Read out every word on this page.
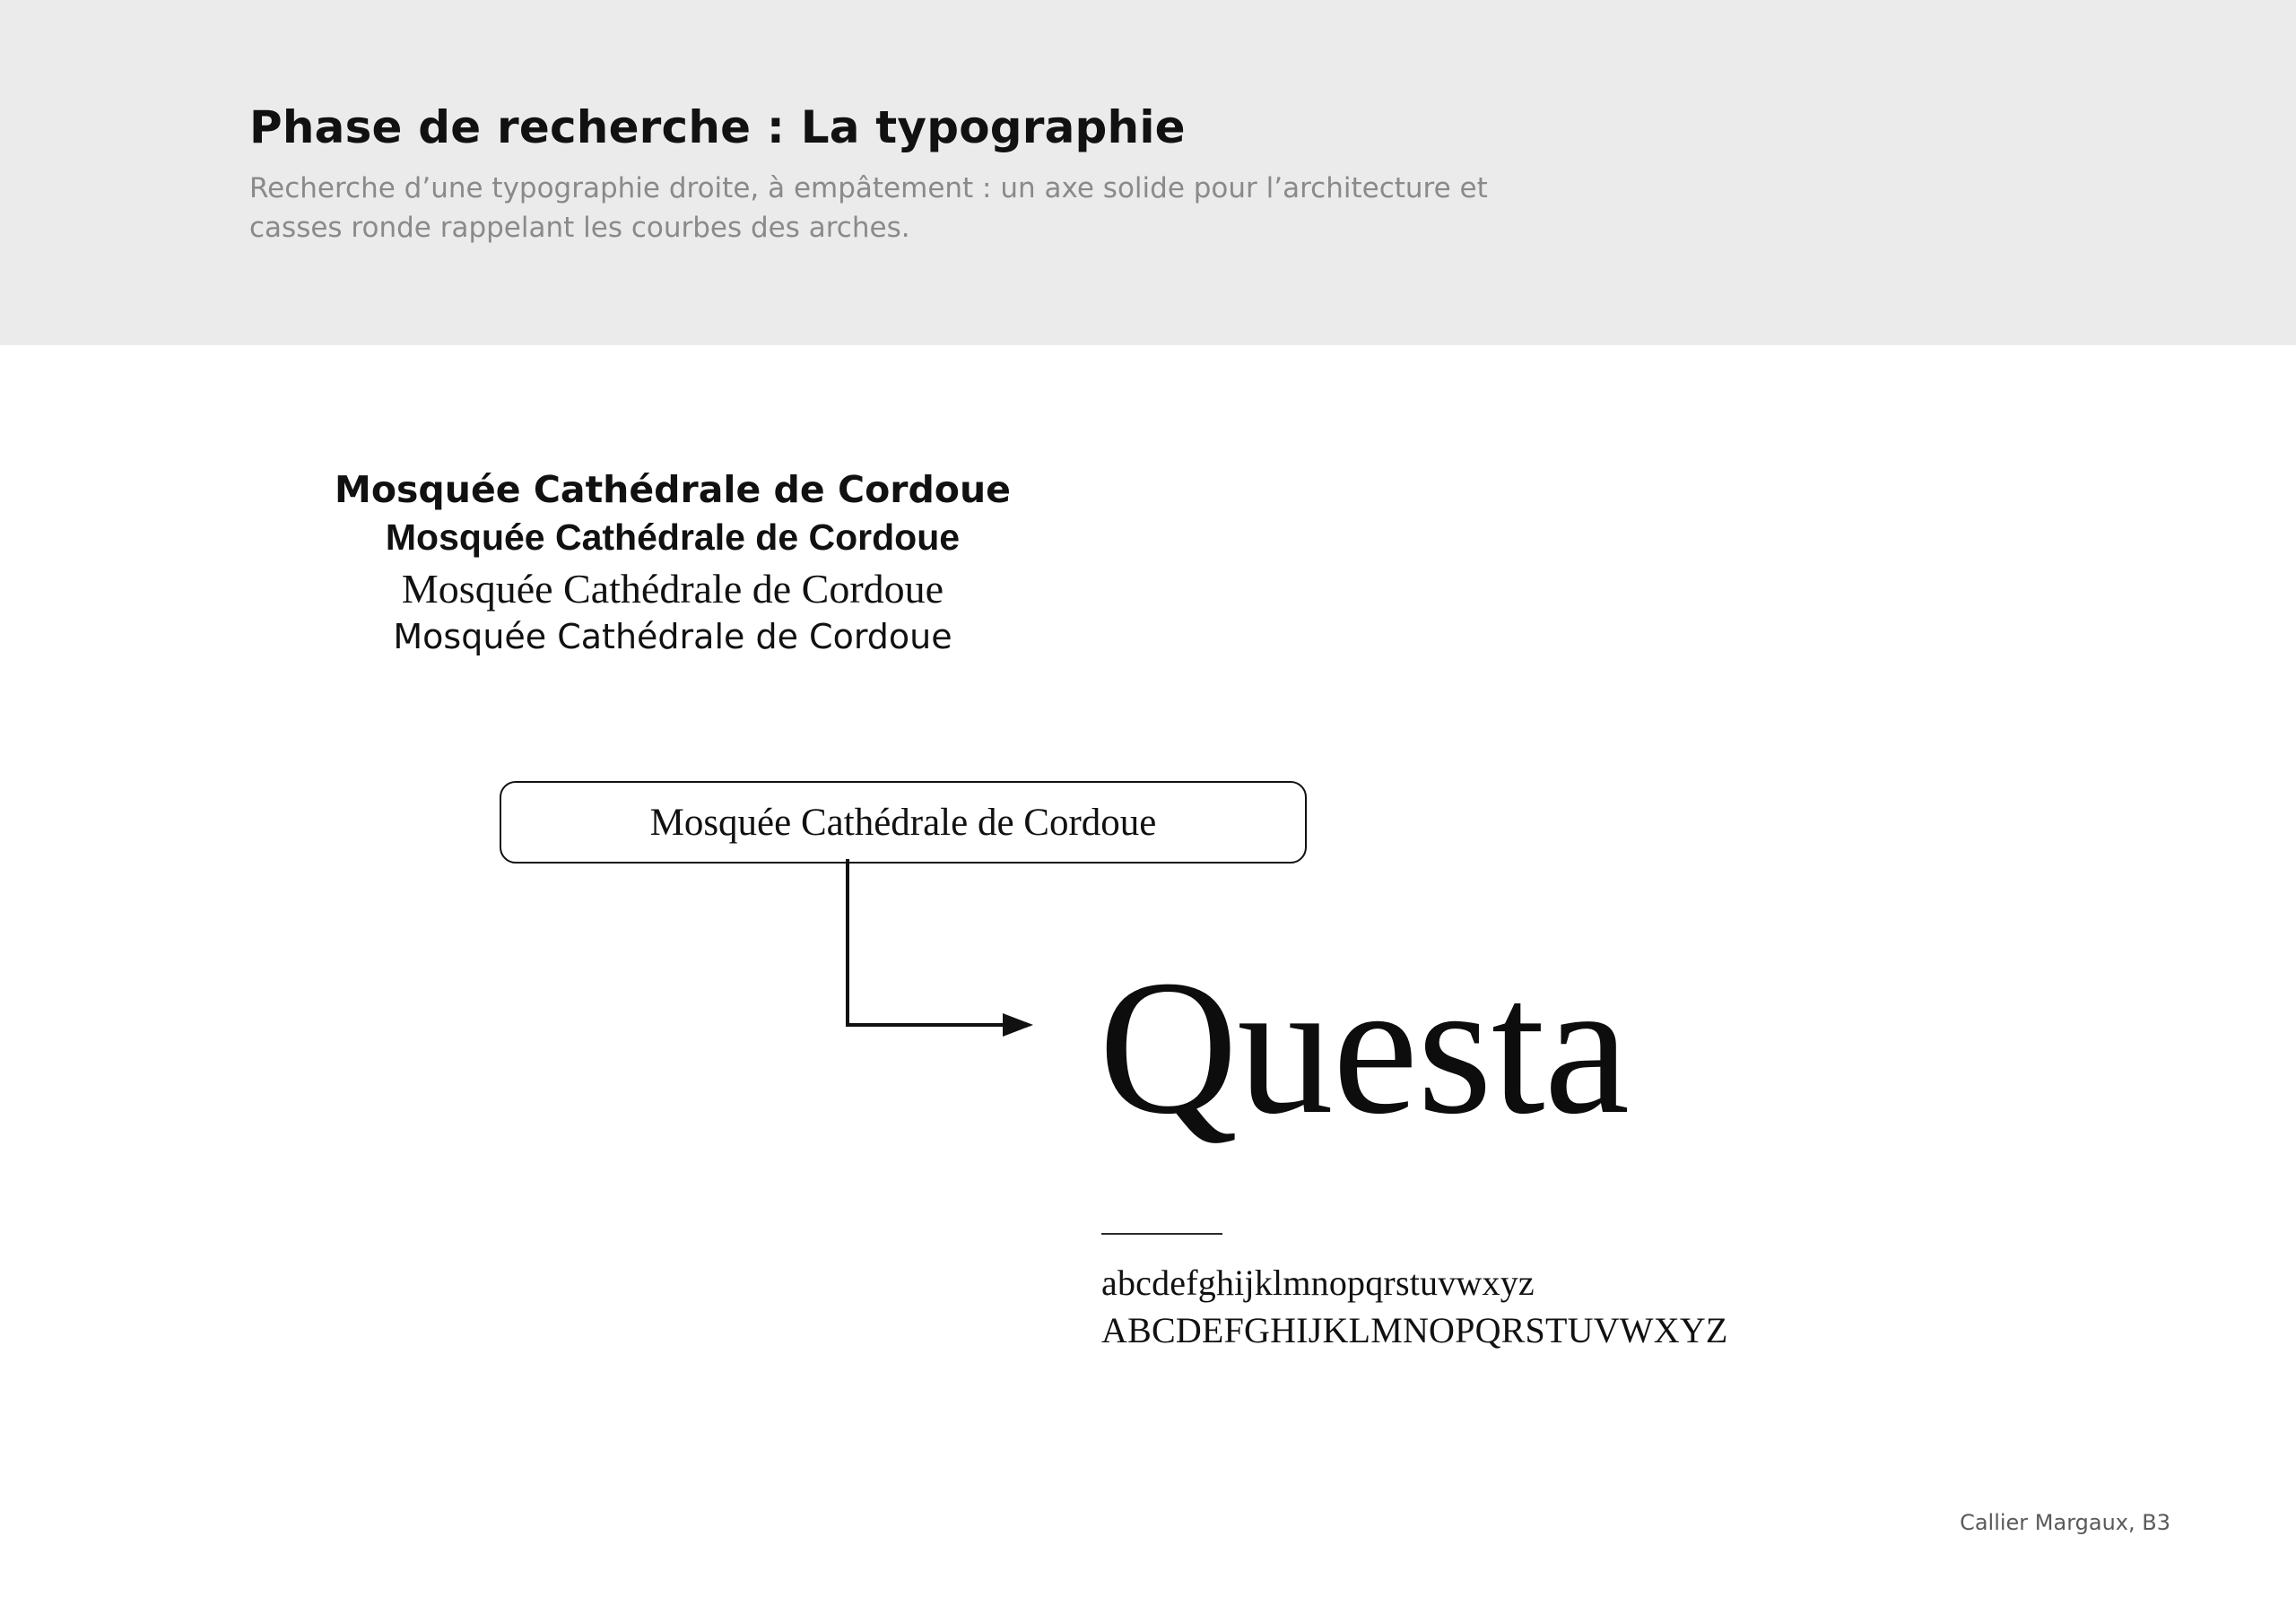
Phase de recherche : La typographie

Recherche d’une typographie droite, à empâtement : un axe solide pour l’architecture et casses ronde rappelant les courbes des arches.

Mosquée Cathédrale de Cordoue
Mosquée Cathédrale de Cordoue
Mosquée Cathédrale de Cordoue
Mosquée Cathédrale de Cordoue
Mosquée Cathédrale de Cordoue
Questa
abcdefghijklmnopqrstuvwxyz
ABCDEFGHIJKLMNOPQRSTUVWXYZ
Callier Margaux, B3
